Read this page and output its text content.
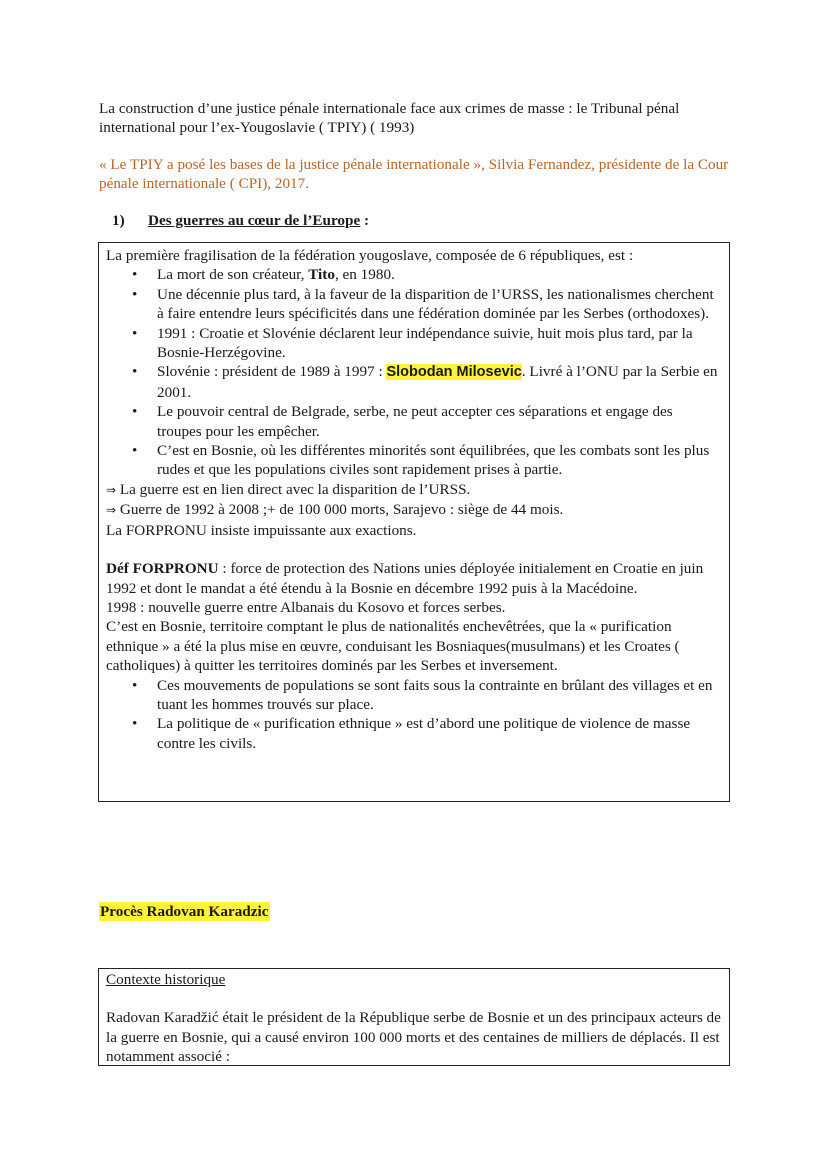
La construction d’une justice pénale internationale face aux crimes de masse : le Tribunal pénal international pour l’ex-Yougoslavie ( TPIY) ( 1993)

« Le TPIY a posé les bases de la justice pénale internationale », Silvia Fernandez, présidente de la Cour pénale internationale ( CPI), 2017.

1) Des guerres au cœur de l’Europe :

La première fragilisation de la fédération yougoslave, composée de 6 républiques, est :

• La mort de son créateur, Tito, en 1980.
• Une décennie plus tard, à la faveur de la disparition de l’URSS, les nationalismes cherchent à faire entendre leurs spécificités dans une fédération dominée par les Serbes (orthodoxes).
• 1991 : Croatie et Slovénie déclarent leur indépendance suivie, huit mois plus tard, par la Bosnie-Herzégovine.
• Slovénie : président de 1989 à 1997 : Slobodan Milosevic. Livré à l’ONU par la Serbie en 2001.
• Le pouvoir central de Belgrade, serbe, ne peut accepter ces séparations et engage des troupes pour les empêcher.
• C’est en Bosnie, où les différentes minorités sont équilibrées, que les combats sont les plus rudes et que les populations civiles sont rapidement prises à partie.

⇒ La guerre est en lien direct avec la disparition de l’URSS.

⇒ Guerre de 1992 à 2008 ;+ de 100 000 morts, Sarajevo : siège de 44 mois.

La FORPRONU insiste impuissante aux exactions.

Déf FORPRONU : force de protection des Nations unies déployée initialement en Croatie en juin 1992 et dont le mandat a été étendu à la Bosnie en décembre 1992 puis à la Macédoine.

1998 : nouvelle guerre entre Albanais du Kosovo et forces serbes.

C’est en Bosnie, territoire comptant le plus de nationalités enchevêtrées, que la « purification ethnique » a été la plus mise en œuvre, conduisant les Bosniaques(musulmans) et les Croates ( catholiques) à quitter les territoires dominés par les Serbes et inversement.

• Ces mouvements de populations se sont faits sous la contrainte en brûlant des villages et en tuant les hommes trouvés sur place.
• La politique de « purification ethnique » est d’abord une politique de violence de masse contre les civils.
Procès Radovan Karadzic

Contexte historique

Radovan Karadžić était le président de la République serbe de Bosnie et un des principaux acteurs de la guerre en Bosnie, qui a causé environ 100 000 morts et des centaines de milliers de déplacés. Il est notamment associé :
